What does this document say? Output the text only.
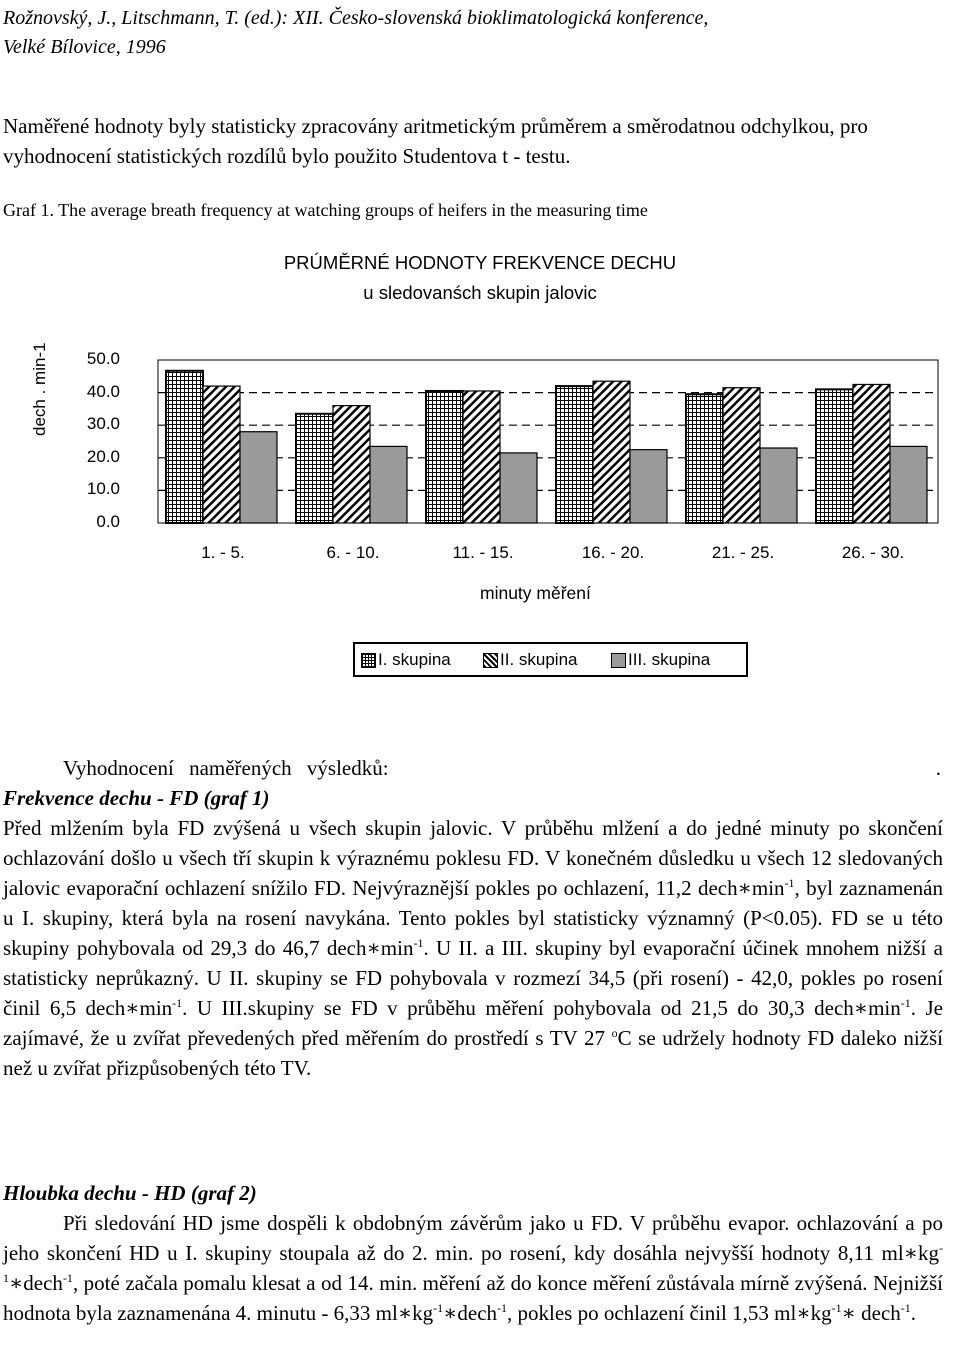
Rožnovský, J., Litschmann, T. (ed.): XII. Česko-slovenská bioklimatologická konference,
Velké Bílovice, 1996
Naměřené hodnoty byly statisticky zpracovány aritmetickým průměrem a směrodatnou odchylkou, pro vyhodnocení statistických rozdílů bylo použito Studentova t - testu.
Graf 1. The average breath frequency at watching groups of heifers in the measuring time
PRÚMĚRNÉ HODNOTY FREKVENCE DECHU
u sledovanśch skupin jalovic
dech . min-1	50.0
40.0
30.0
20.0
10.0
0.0
1. - 5.	6. - 10.	11. - 15.	16. - 20.	21. - 25.	26. - 30.
minuty měření
I. skupina	II. skupina	III. skupina
Vyhodnocení naměřených výsledků:	.
Frekvence dechu - FD (graf 1)
Před mlžením byla FD zvýšená u všech skupin jalovic. V průběhu mlžení a do jedné minuty po skončení ochlazování došlo u všech tří skupin k výraznému poklesu FD. V konečném důsledku u všech 12 sledovaných jalovic evaporační ochlazení snížilo FD. Nejvýraznější pokles po ochlazení, 11,2 $dech∗\min^{-1}$, byl zaznamenán u I. skupiny, která byla na rosení navykána. Tento pokles byl statisticky významný (P<0.05). FD se u této skupiny pohybovala od 29,3 do 46,7 $dech∗\min^{-1}$. U II. a III. skupiny byl evaporační účinek mnohem nižší a statisticky neprůkazný. U II. skupiny se FD pohybovala v rozmezí 34,5 (při rosení) - 42,0, pokles po rosení činil 6,5 $dech∗\min^{-1}$. U III.skupiny se FD v průběhu měření pohybovala od 21,5 do 30,3 $dech∗\min^{-1}$. Je zajímavé, že u zvířat převedených před měřením do prostředí s TV 27 $^o$C se udržely hodnoty FD daleko nižší než u zvířat přizpůsobených této TV.
Hloubka dechu - HD (graf 2)
Při sledování HD jsme dospěli k obdobným závěrům jako u FD. V průběhu evapor. ochlazování a po jeho skončení HD u I. skupiny stoupala až do 2. min. po rosení, kdy dosáhla nejvyšší hodnoty 8,11 $ml∗kg^{-1}∗dech^{-1}$, poté začala pomalu klesat a od 14. min. měření až do konce měření zůstávala mírně zvýšená. Nejnižší hodnota byla zaznamenána 4. minutu - 6,33 $ml∗kg^{-1}∗dech^{-1}$, pokles po ochlazení činil 1,53 $ml∗kg^{-1}∗$ dech$^{-1}$.
